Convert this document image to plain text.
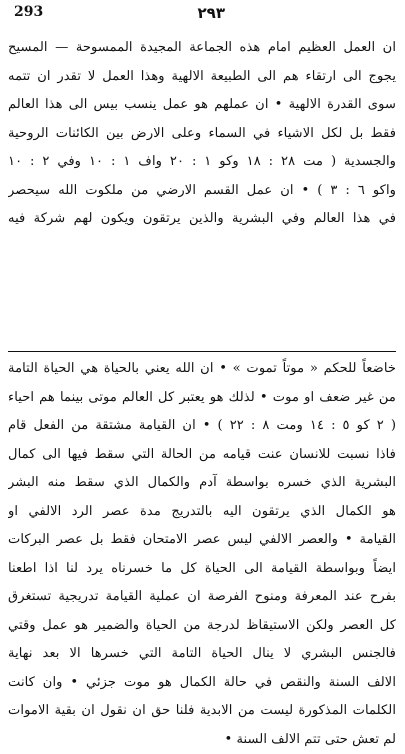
293	٢٩٣
ان العمل العظيم امام هذه الجماعة المجيدة الممسوحة — المسيح
يجوج الى ارتقاء هم الى الطبيعة الالهية وهذا العمل لا تقدر ان تتمه
سوى القدرة الالهية • ان عملهم هو عمل ينسب بيس الى هذا العالم
فقط بل لكل الاشياء في السماء وعلى الارض بين الكائنات الروحية
والجسدية ( مت ٢٨ : ١٨ وكو ١ : ٢٠ واف ١ : ١٠ وفي ٢ : ١٠
واكو ٦ : ٣ ) • ان عمل القسم الارضي من ملكوت الله سيحصر
في هذا العالم وفي البشرية والذين يرتقون ويكون لهم شركة فيه
خاضعاً للحكم « موتاً تموت » • ان الله يعني بالحياة هي الحياة التامة
من غير ضعف او موت • لذلك هو يعتبر كل العالم موتى بينما هم احياء
( ٢ كو ٥ : ١٤ ومت ٨ : ٢٢ ) • ان القيامة مشتقة من الفعل قام
فاذا نسبت للانسان عنت قيامه من الحالة التي سقط فيها الى كمال
البشرية الذي خسره بواسطة آدم والكمال الذي سقط منه البشر
هو الكمال الذي يرتقون اليه بالتدريج مدة عصر الرد الالفي او
القيامة • والعصر الالفي ليس عصر الامتحان فقط بل عصر البركات
ايضاً وبواسطة القيامة الى الحياة كل ما خسرناه يرد لنا اذا اطعنا
بفرح عند المعرفة ومنوح الفرصة ان عملية القيامة تدريجية تستغرق
كل العصر ولكن الاستيقاظ لدرجة من الحياة والضمير هو عمل وقتي
فالجنس البشري لا ينال الحياة التامة التي خسرها الا بعد نهاية
الالف السنة والنقص في حالة الكمال هو موت جزئي • وان كانت
الكلمات المذكورة ليست من الابدية فلنا حق ان نقول ان بقية الاموات
لم تعش حتى تتم الالف السنة •
